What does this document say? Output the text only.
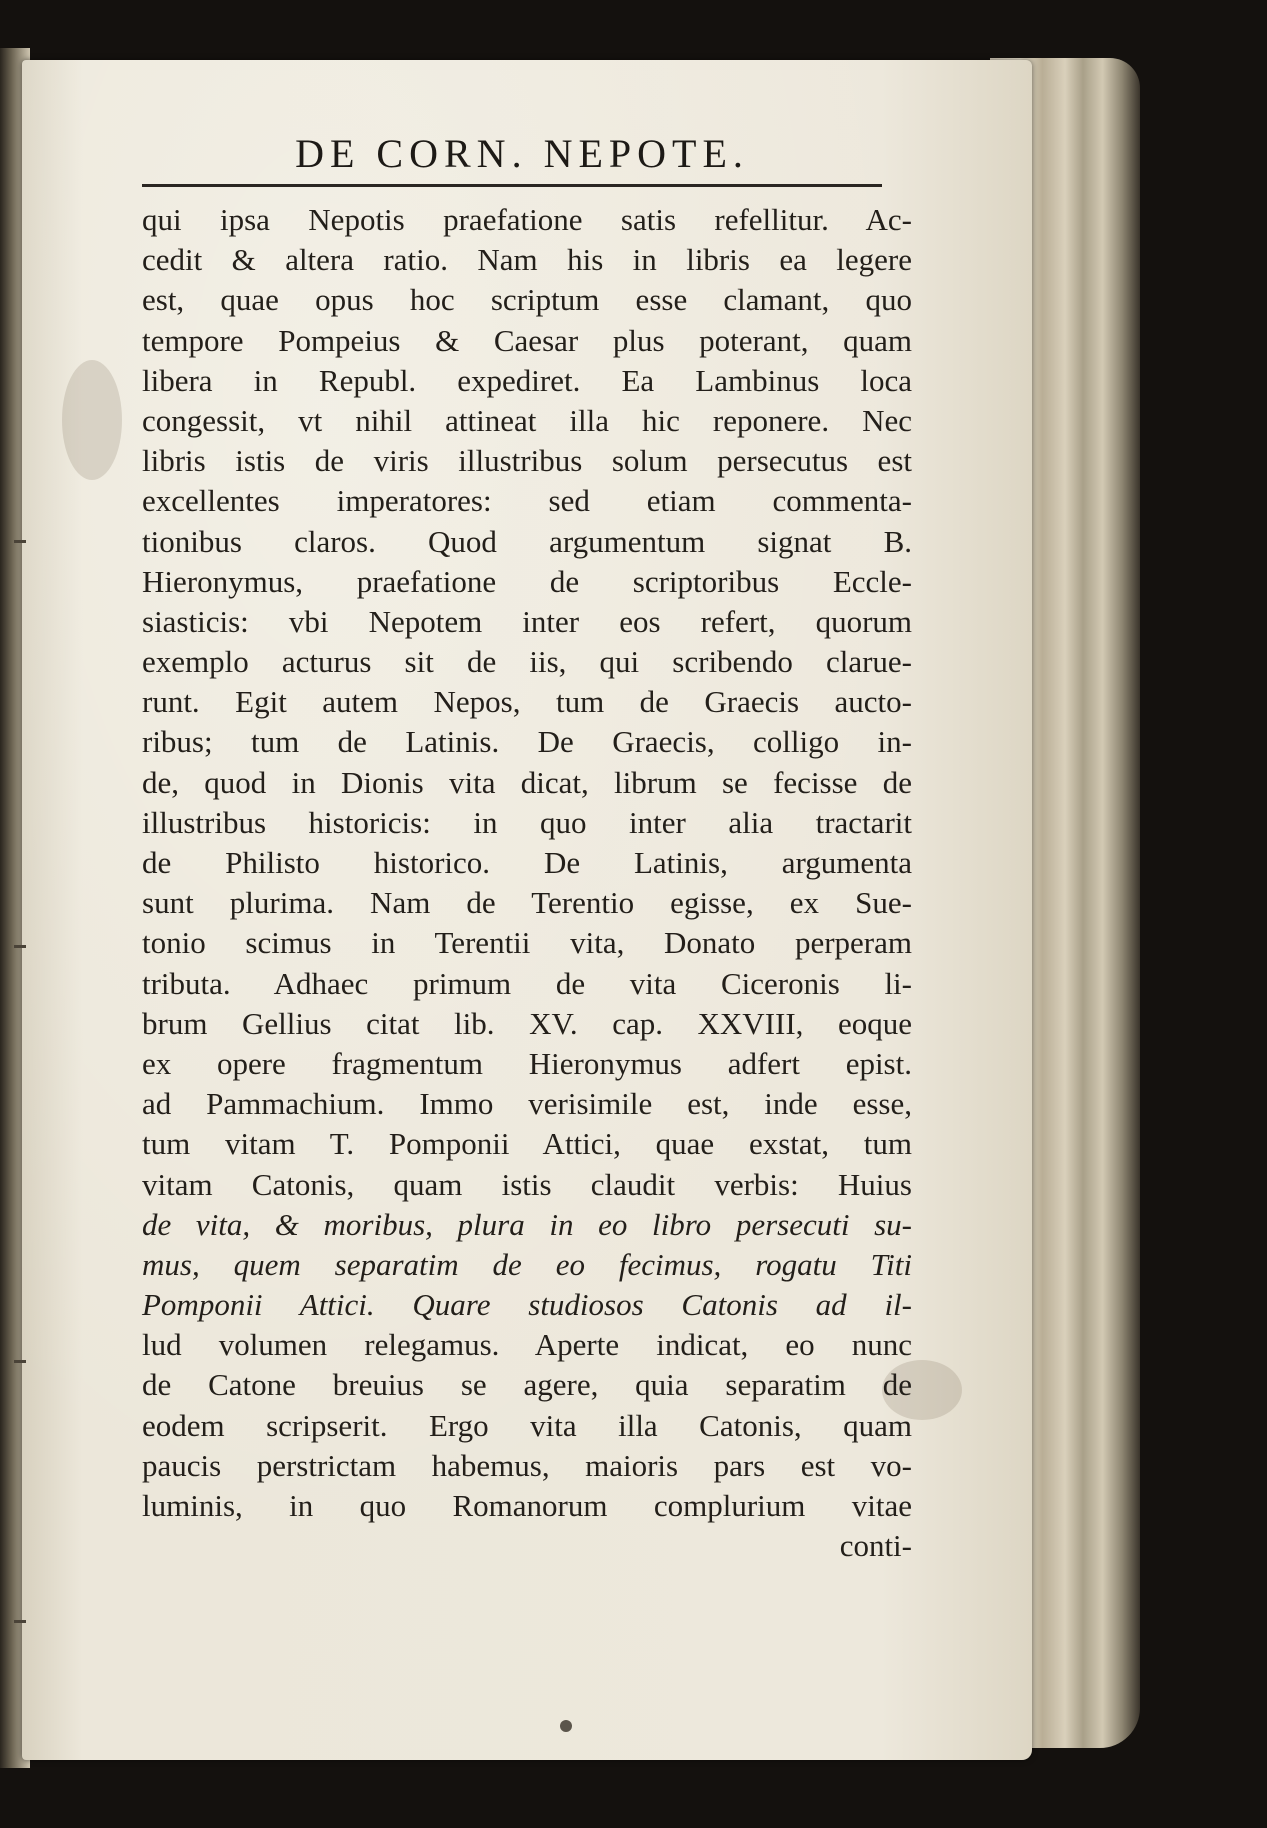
DE CORN. NEPOTE.
qui ipsa Nepotis praefatione satis refellitur. Ac-
cedit & altera ratio. Nam his in libris ea legere
est, quae opus hoc scriptum esse clamant, quo
tempore Pompeius & Caesar plus poterant, quam
libera in Republ. expediret. Ea Lambinus loca
congessit, vt nihil attineat illa hic reponere. Nec
libris istis de viris illustribus solum persecutus est
excellentes imperatores: sed etiam commenta-
tionibus claros. Quod argumentum signat B.
Hieronymus, praefatione de scriptoribus Eccle-
siasticis: vbi Nepotem inter eos refert, quorum
exemplo acturus sit de iis, qui scribendo clarue-
runt. Egit autem Nepos, tum de Graecis aucto-
ribus; tum de Latinis. De Graecis, colligo in-
de, quod in Dionis vita dicat, librum se fecisse de
illustribus historicis: in quo inter alia tractarit
de Philisto historico. De Latinis, argumenta
sunt plurima. Nam de Terentio egisse, ex Sue-
tonio scimus in Terentii vita, Donato perperam
tributa. Adhaec primum de vita Ciceronis li-
brum Gellius citat lib. XV. cap. XXVIII, eoque
ex opere fragmentum Hieronymus adfert epist.
ad Pammachium. Immo verisimile est, inde esse,
tum vitam T. Pomponii Attici, quae exstat, tum
vitam Catonis, quam istis claudit verbis: Huius
de vita, & moribus, plura in eo libro persecuti su-
mus, quem separatim de eo fecimus, rogatu Titi
Pomponii Attici. Quare studiosos Catonis ad il-
lud volumen relegamus. Aperte indicat, eo nunc
de Catone breuius se agere, quia separatim de
eodem scripserit. Ergo vita illa Catonis, quam
paucis perstrictam habemus, maioris pars est vo-
luminis, in quo Romanorum complurium vitae
conti-
